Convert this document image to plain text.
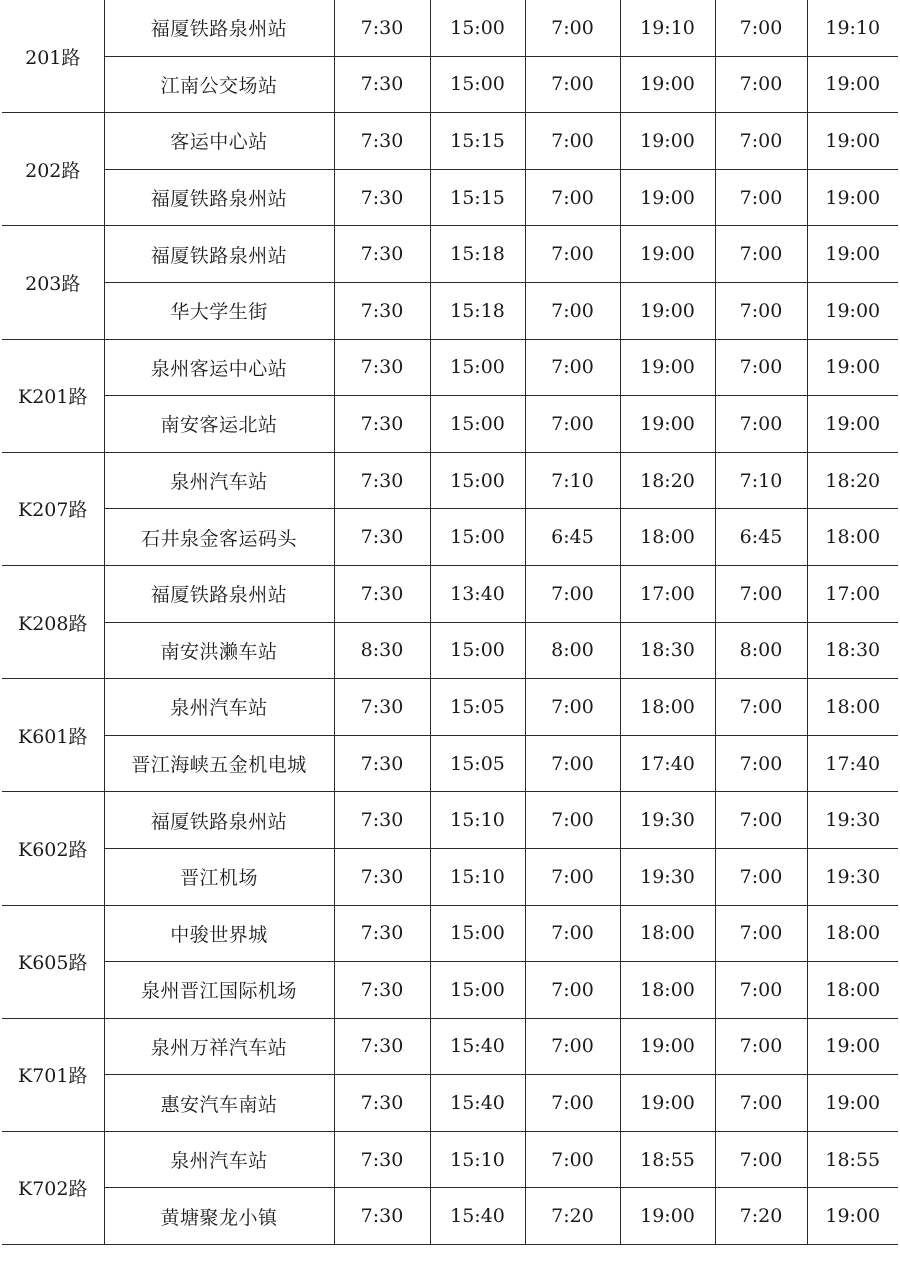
201路	福厦铁路泉州站	7:30	15:00	7:00	19:10	7:00	19:10
	江南公交场站	7:30	15:00	7:00	19:00	7:00	19:00
202路	客运中心站	7:30	15:15	7:00	19:00	7:00	19:00
	福厦铁路泉州站	7:30	15:15	7:00	19:00	7:00	19:00
203路	福厦铁路泉州站	7:30	15:18	7:00	19:00	7:00	19:00
	华大学生街	7:30	15:18	7:00	19:00	7:00	19:00
K201路	泉州客运中心站	7:30	15:00	7:00	19:00	7:00	19:00
	南安客运北站	7:30	15:00	7:00	19:00	7:00	19:00
K207路	泉州汽车站	7:30	15:00	7:10	18:20	7:10	18:20
	石井泉金客运码头	7:30	15:00	6:45	18:00	6:45	18:00
K208路	福厦铁路泉州站	7:30	13:40	7:00	17:00	7:00	17:00
	南安洪濑车站	8:30	15:00	8:00	18:30	8:00	18:30
K601路	泉州汽车站	7:30	15:05	7:00	18:00	7:00	18:00
	晋江海峡五金机电城	7:30	15:05	7:00	17:40	7:00	17:40
K602路	福厦铁路泉州站	7:30	15:10	7:00	19:30	7:00	19:30
	晋江机场	7:30	15:10	7:00	19:30	7:00	19:30
K605路	中骏世界城	7:30	15:00	7:00	18:00	7:00	18:00
	泉州晋江国际机场	7:30	15:00	7:00	18:00	7:00	18:00
K701路	泉州万祥汽车站	7:30	15:40	7:00	19:00	7:00	19:00
	惠安汽车南站	7:30	15:40	7:00	19:00	7:00	19:00
K702路	泉州汽车站	7:30	15:10	7:00	18:55	7:00	18:55
	黄塘聚龙小镇	7:30	15:40	7:20	19:00	7:20	19:00
